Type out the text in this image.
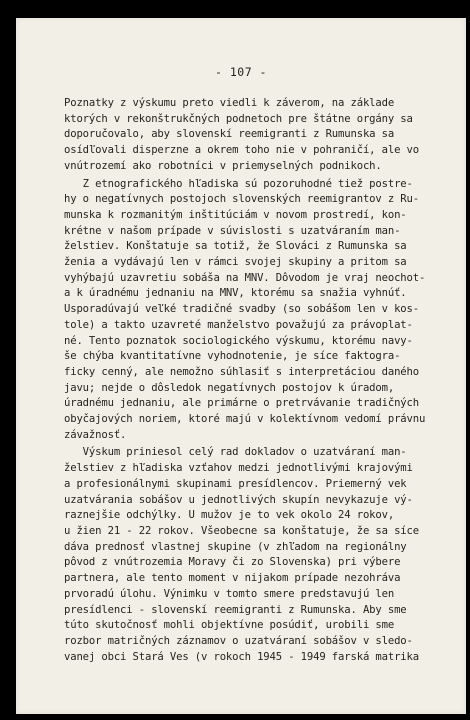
- 107 -
Poznatky z výskumu preto viedli k záverom, na základe
ktorých v rekonštrukčných podnetoch pre štátne orgány sa
doporučovalo, aby slovenskí reemigranti z Rumunska sa
osídľovali disperzne a okrem toho nie v pohraničí, ale vo
vnútrozemí ako robotníci v priemyselných podnikoch.
Z etnografického hľadiska sú pozoruhodné tiež postre-
hy o negatívnych postojoch slovenských reemigrantov z Ru-
munska k rozmanitým inštitúciám v novom prostredí, kon-
krétne v našom prípade v súvislosti s uzatváraním man-
želstiev. Konštatuje sa totiž, že Slováci z Rumunska sa
ženia a vydávajú len v rámci svojej skupiny a pritom sa
vyhýbajú uzavretiu sobáša na MNV. Dôvodom je vraj neochot-
a k úradnému jednaniu na MNV, ktorému sa snažia vyhnúť.
Usporadúvajú veľké tradičné svadby (so sobášom len v kos-
tole) a takto uzavreté manželstvo považujú za právoplat-
né. Tento poznatok sociologického výskumu, ktorému navy-
še chýba kvantitatívne vyhodnotenie, je síce faktogra-
ficky cenný, ale nemožno súhlasiť s interpretáciou daného
javu; nejde o dôsledok negatívnych postojov k úradom,
úradnému jednaniu, ale primárne o pretrvávanie tradičných
obyčajových noriem, ktoré majú v kolektívnom vedomí právnu
závažnosť.
Výskum priniesol celý rad dokladov o uzatváraní man-
želstiev z hľadiska vzťahov medzi jednotlivými krajovými
a profesionálnymi skupinami presídlencov. Priemerný vek
uzatvárania sobášov u jednotlivých skupín nevykazuje vý-
raznejšie odchýlky. U mužov je to vek okolo 24 rokov,
u žien 21 - 22 rokov. Všeobecne sa konštatuje, že sa síce
dáva prednosť vlastnej skupine (v zhľadom na regionálny
pôvod z vnútrozemia Moravy či zo Slovenska) pri výbere
partnera, ale tento moment v nijakom prípade nezohráva
prvoradú úlohu. Výnimku v tomto smere predstavujú len
presídlenci - slovenskí reemigranti z Rumunska. Aby sme
túto skutočnosť mohli objektívne posúdiť, urobili sme
rozbor matričných záznamov o uzatváraní sobášov v sledo-
vanej obci Stará Ves (v rokoch 1945 - 1949 farská matrika
